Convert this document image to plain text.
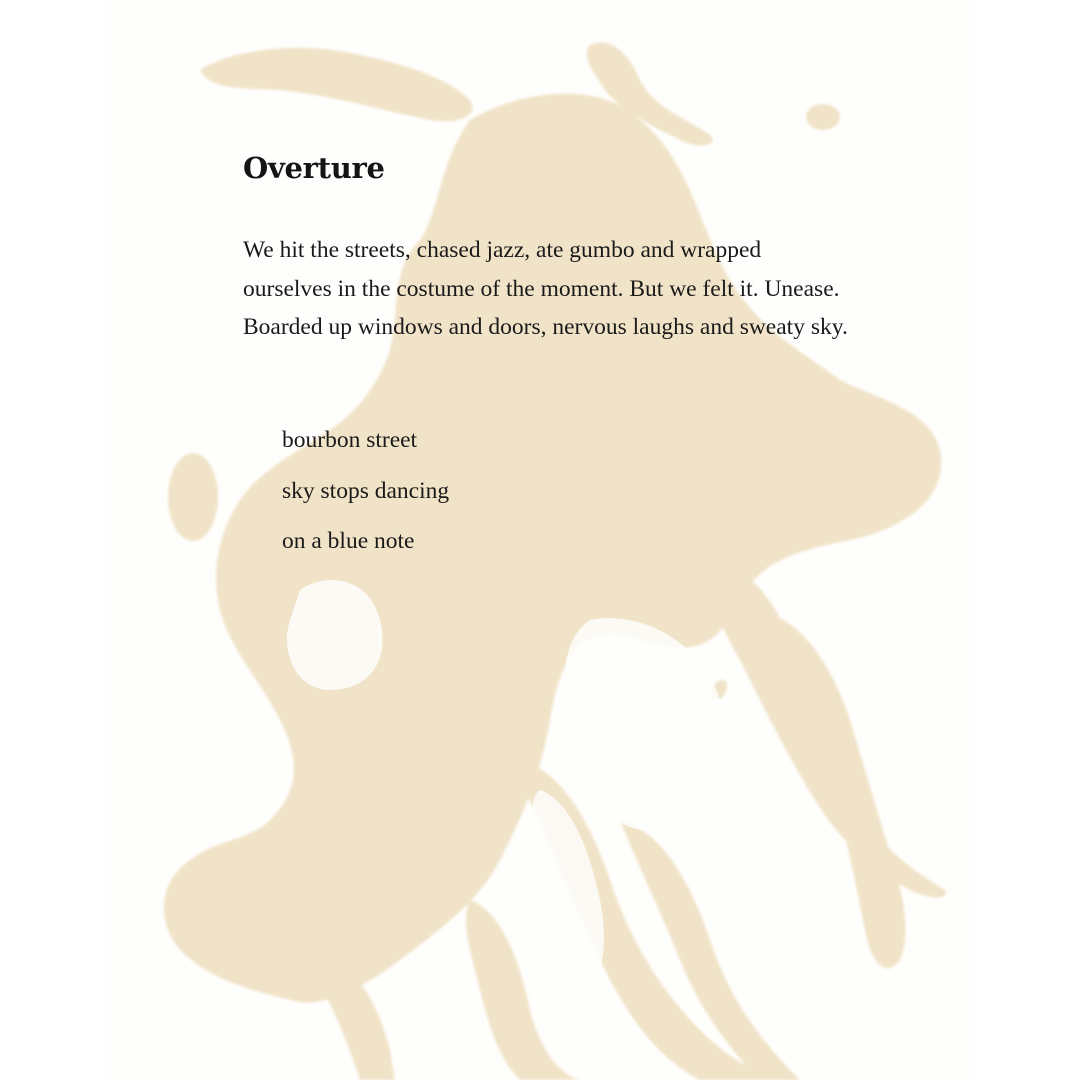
Overture

We hit the streets, chased jazz, ate gumbo and wrapped
ourselves in the costume of the moment. But we felt it. Unease.
Boarded up windows and doors, nervous laughs and sweaty sky.

bourbon street
sky stops dancing
on a blue note
